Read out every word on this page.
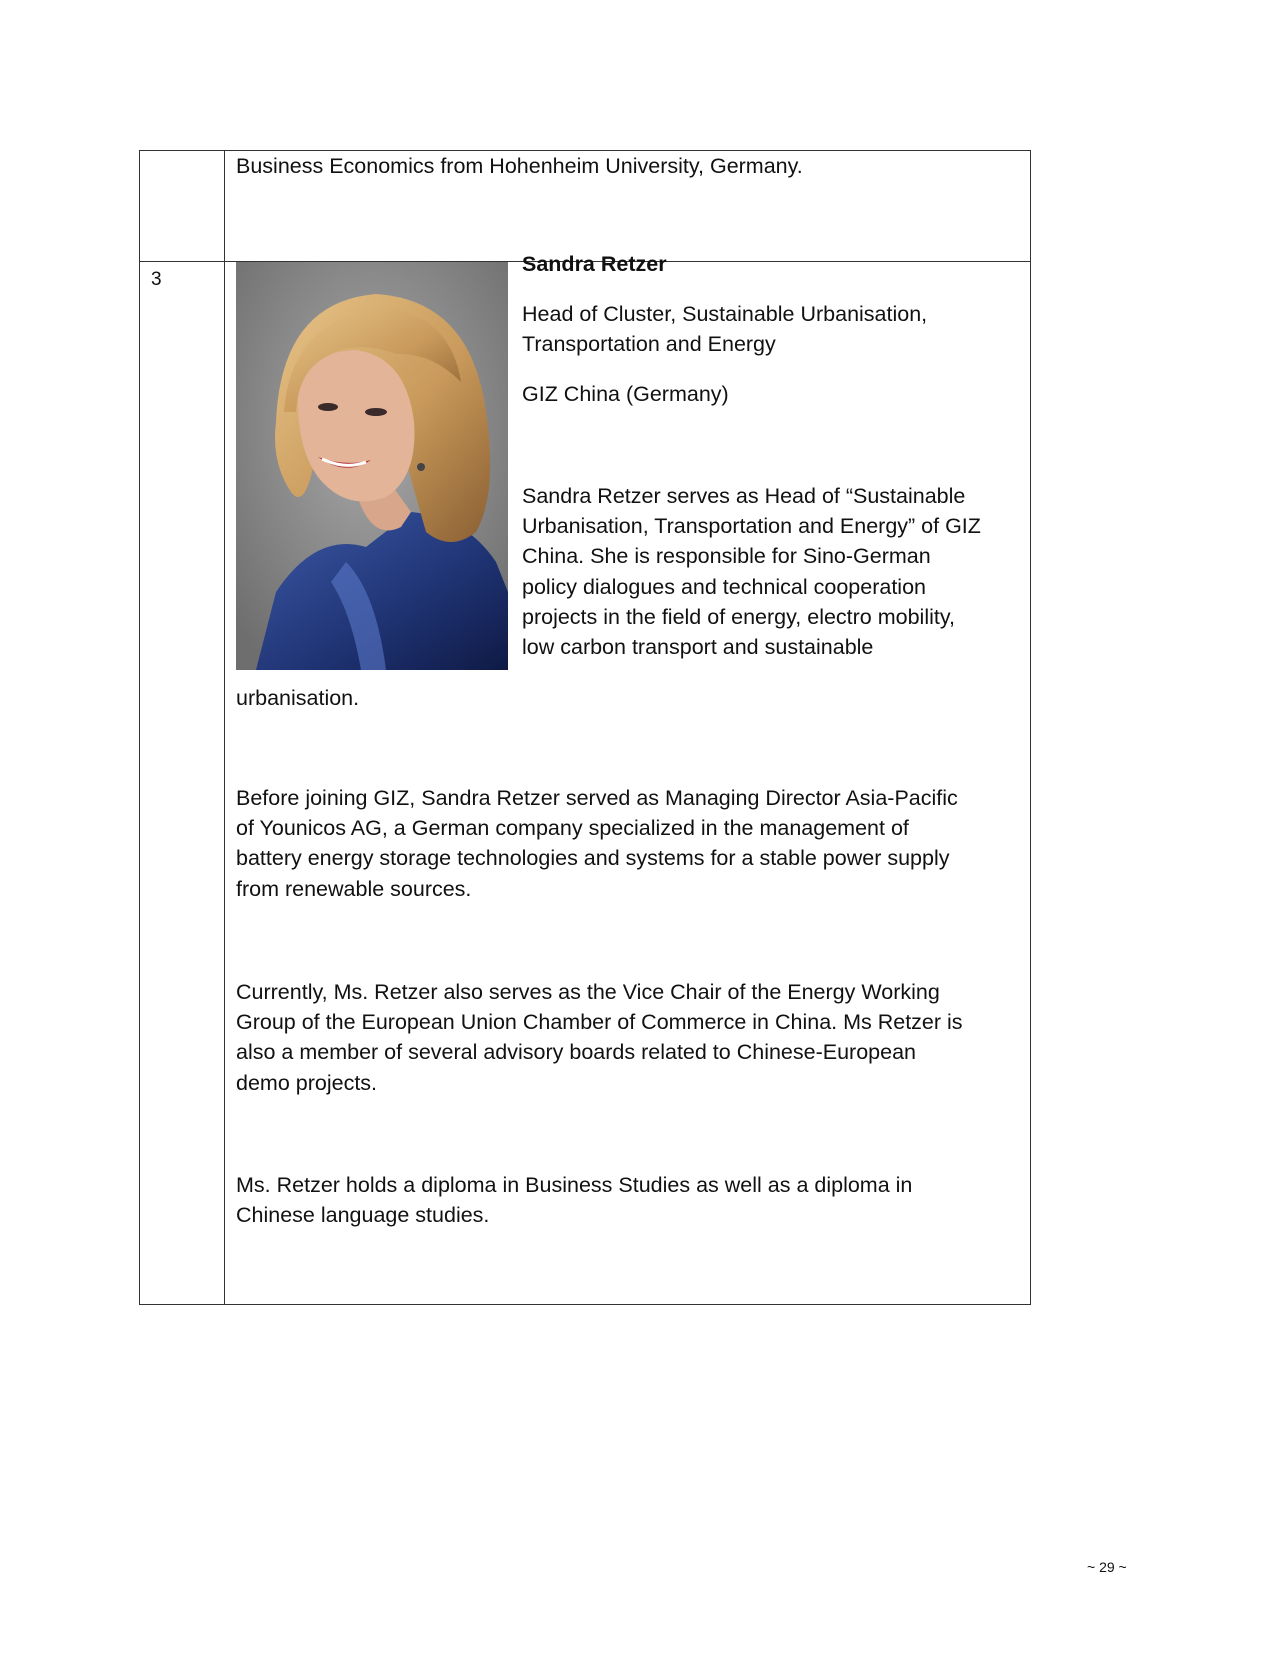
Business Economics from Hohenheim University, Germany.
3
Sandra Retzer
Head of Cluster, Sustainable Urbanisation,
Transportation and Energy
GIZ China (Germany)
Sandra Retzer serves as Head of “Sustainable
Urbanisation, Transportation and Energy” of GIZ
China. She is responsible for Sino-German
policy dialogues and technical cooperation
projects in the field of energy, electro mobility,
low carbon transport and sustainable
urbanisation.
Before joining GIZ, Sandra Retzer served as Managing Director Asia-Pacific
of Younicos AG, a German company specialized in the management of
battery energy storage technologies and systems for a stable power supply
from renewable sources.
Currently, Ms. Retzer also serves as the Vice Chair of the Energy Working
Group of the European Union Chamber of Commerce in China. Ms Retzer is
also a member of several advisory boards related to Chinese-European
demo projects.
Ms. Retzer holds a diploma in Business Studies as well as a diploma in
Chinese language studies.
~ 29 ~
